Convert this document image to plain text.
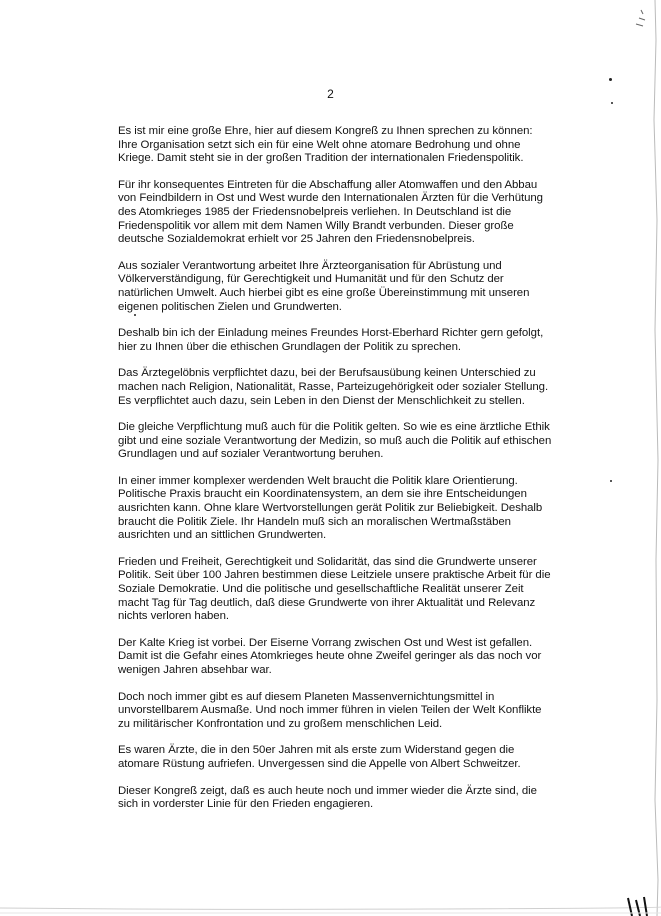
2

Es ist mir eine große Ehre, hier auf diesem Kongreß zu Ihnen sprechen zu können:
Ihre Organisation setzt sich ein für eine Welt ohne atomare Bedrohung und ohne
Kriege. Damit steht sie in der großen Tradition der internationalen Friedenspolitik.

Für ihr konsequentes Eintreten für die Abschaffung aller Atomwaffen und den Abbau
von Feindbildern in Ost und West wurde den Internationalen Ärzten für die Verhütung
des Atomkrieges 1985 der Friedensnobelpreis verliehen. In Deutschland ist die
Friedenspolitik vor allem mit dem Namen Willy Brandt verbunden. Dieser große
deutsche Sozialdemokrat erhielt vor 25 Jahren den Friedensnobelpreis.

Aus sozialer Verantwortung arbeitet Ihre Ärzteorganisation für Abrüstung und
Völkerverständigung, für Gerechtigkeit und Humanität und für den Schutz der
natürlichen Umwelt. Auch hierbei gibt es eine große Übereinstimmung mit unseren
eigenen politischen Zielen und Grundwerten.

Deshalb bin ich der Einladung meines Freundes Horst-Eberhard Richter gern gefolgt,
hier zu Ihnen über die ethischen Grundlagen der Politik zu sprechen.

Das Ärztegelöbnis verpflichtet dazu, bei der Berufsausübung keinen Unterschied zu
machen nach Religion, Nationalität, Rasse, Parteizugehörigkeit oder sozialer Stellung.
Es verpflichtet auch dazu, sein Leben in den Dienst der Menschlichkeit zu stellen.

Die gleiche Verpflichtung muß auch für die Politik gelten. So wie es eine ärztliche Ethik
gibt und eine soziale Verantwortung der Medizin, so muß auch die Politik auf ethischen
Grundlagen und auf sozialer Verantwortung beruhen.

In einer immer komplexer werdenden Welt braucht die Politik klare Orientierung.
Politische Praxis braucht ein Koordinatensystem, an dem sie ihre Entscheidungen
ausrichten kann. Ohne klare Wertvorstellungen gerät Politik zur Beliebigkeit. Deshalb
braucht die Politik Ziele. Ihr Handeln muß sich an moralischen Wertmaßstäben
ausrichten und an sittlichen Grundwerten.

Frieden und Freiheit, Gerechtigkeit und Solidarität, das sind die Grundwerte unserer
Politik. Seit über 100 Jahren bestimmen diese Leitziele unsere praktische Arbeit für die
Soziale Demokratie. Und die politische und gesellschaftliche Realität unserer Zeit
macht Tag für Tag deutlich, daß diese Grundwerte von ihrer Aktualität und Relevanz
nichts verloren haben.

Der Kalte Krieg ist vorbei. Der Eiserne Vorrang zwischen Ost und West ist gefallen.
Damit ist die Gefahr eines Atomkrieges heute ohne Zweifel geringer als das noch vor
wenigen Jahren absehbar war.

Doch noch immer gibt es auf diesem Planeten Massenvernichtungsmittel in
unvorstellbarem Ausmaße. Und noch immer führen in vielen Teilen der Welt Konflikte
zu militärischer Konfrontation und zu großem menschlichen Leid.

Es waren Ärzte, die in den 50er Jahren mit als erste zum Widerstand gegen die
atomare Rüstung aufriefen. Unvergessen sind die Appelle von Albert Schweitzer.

Dieser Kongreß zeigt, daß es auch heute noch und immer wieder die Ärzte sind, die
sich in vorderster Linie für den Frieden engagieren.
